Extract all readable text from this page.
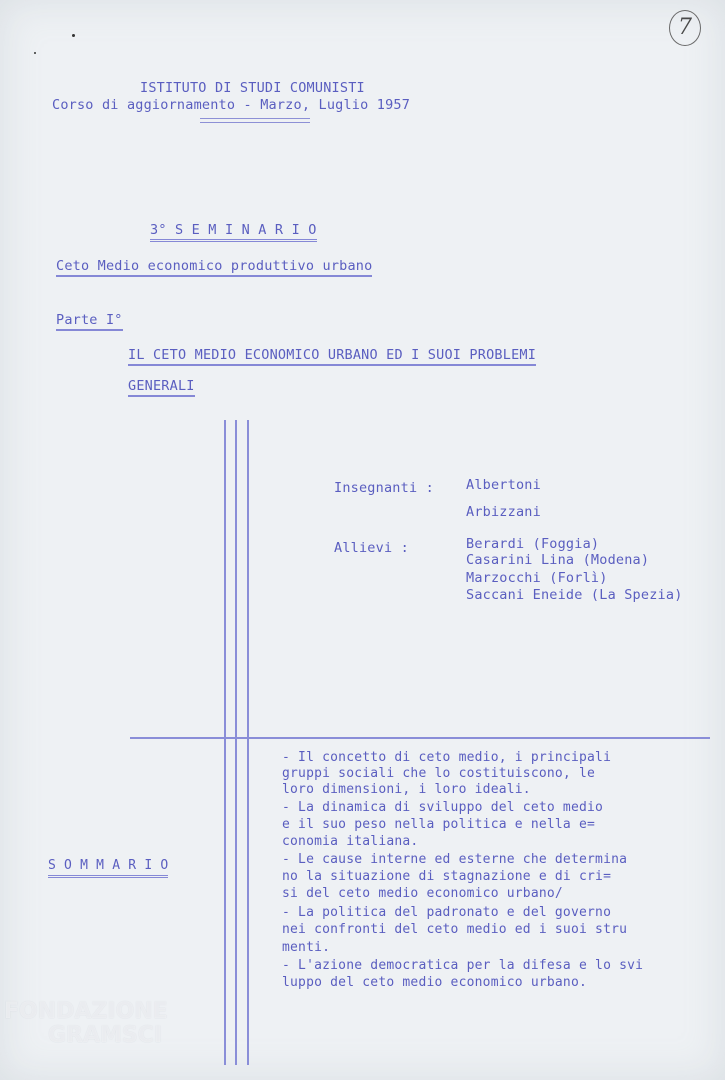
7
ISTITUTO DI STUDI COMUNISTI
Corso di aggiornamento - Marzo, Luglio 1957
3° S E M I N A R I O
Ceto Medio economico produttivo urbano
Parte I°
IL CETO MEDIO ECONOMICO URBANO ED I SUOI PROBLEMI
GENERALI
Insegnanti : Albertoni
Arbizzani
Allievi :	Berardi (Foggia)
Casarini Lina (Modena)
Marzocchi (Forlì)
Saccani Eneide (La Spezia)
S O M M A R I O
- Il concetto di ceto medio, i principali
gruppi sociali che lo costituiscono, le
loro dimensioni, i loro ideali.
- La dinamica di sviluppo del ceto medio
e il suo peso nella politica e nella e=
conomia italiana.
- Le cause interne ed esterne che determina
no la situazione di stagnazione e di cri=
si del ceto medio economico urbano/
- La politica del padronato e del governo
nei confronti del ceto medio ed i suoi stru
menti.
- L'azione democratica per la difesa e lo svi
luppo del ceto medio economico urbano.
FONDAZIONE
GRAMSCI
